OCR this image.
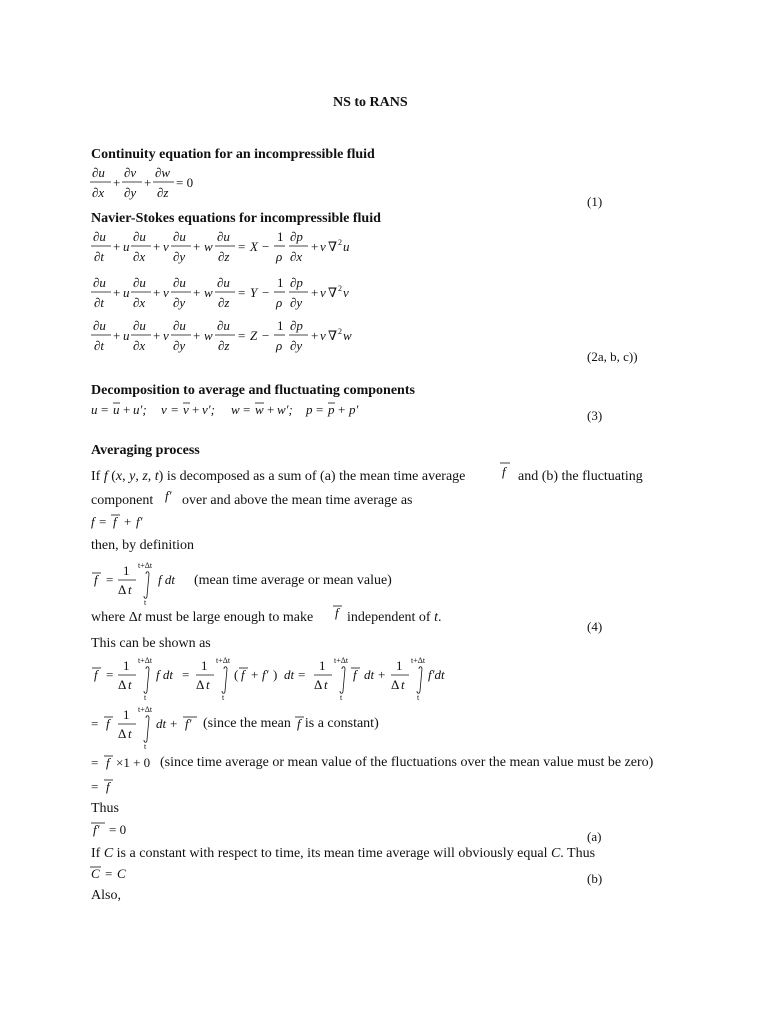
NS to RANS
Continuity equation for an incompressible fluid
(1)
Navier-Stokes equations for incompressible fluid
(2a, b, c))
Decomposition to average and fluctuating components
(3)
Averaging process
If f (x, y, z, t) is decomposed as a sum of (a) the mean time average	and (b) the fluctuating
component over and above the mean time average as
then, by definition
(mean time average or mean value)
where Δt must be large enough to make independent of t.
(4)
This can be shown as
(since the mean is a constant)
(since time average or mean value of the fluctuations over the mean value must be zero)
Thus
(a)
If C is a constant with respect to time, its mean time average will obviously equal C. Thus
(b)
Also,
∂u
∂x
+
∂v
∂y
+
∂w
∂z
= 0
∂u
∂t
+ u
∂u
∂x
+ v
∂u
∂y
+ w
∂u
∂z
= X −
1
ρ
∂p
∂x
+ ν ∇ 2 u
∂u
∂t
+ u
∂u
∂x
+ v
∂u
∂y
+ w
∂u
∂z
= Y −
1
ρ
∂p
∂y
+ ν ∇ 2 v
∂u
∂t
+ u
∂u
∂x
+ v
∂u
∂y
+ w
∂u
∂z
= Z −
1
ρ
∂p
∂y
+ ν ∇ 2 w
u = u + u′; v = v + v′; w = w + w′; p = p + p′
f
f′
f = f + f′
f =
1
Δ t
t+Δt
t
f dt
f
f =
1
Δ t
t+Δt
t
f dt =
1
Δ t
t+Δt
t
( f + f′ ) dt =
1
Δ t
t+Δt
t
f dt +
1
Δ t
t+Δt
t
f′dt
= f
1
Δ t
t+Δt
t
dt + f′	f
= f ×1 + 0
= f
f′ = 0
C = C
